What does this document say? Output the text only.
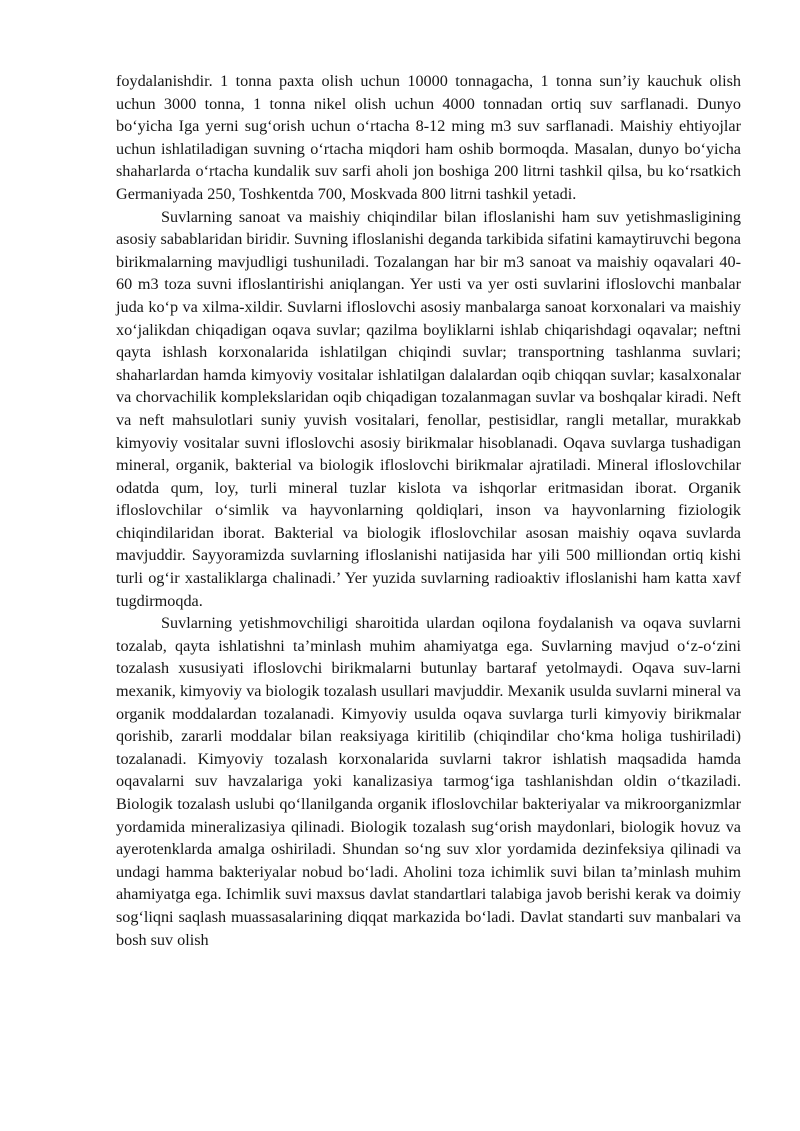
foydalanishdir. 1 tonna paxta olish uchun 10000 tonnagacha, 1 tonna sun’iy kauchuk olish uchun 3000 tonna, 1 tonna nikel olish uchun 4000 tonnadan ortiq suv sarflanadi. Dunyo bo‘yicha Iga yerni sug‘orish uchun o‘rtacha 8-12 ming m3 suv sarflanadi. Maishiy ehtiyojlar uchun ishlatiladigan suvning o‘rtacha miqdori ham oshib bormoqda. Masalan, dunyo bo‘yicha shaharlarda o‘rtacha kundalik suv sarfi aholi jon boshiga 200 litrni tashkil qilsa, bu ko‘rsatkich Germaniyada 250, Toshkentda 700, Moskvada 800 litrni tashkil yetadi.

Suvlarning sanoat va maishiy chiqindilar bilan ifloslanishi ham suv yetishmasligining asosiy sabablaridan biridir. Suvning ifloslanishi deganda tarkibida sifatini kamaytiruvchi begona birikmalarning mavjudligi tushuniladi. Tozalangan har bir m3 sanoat va maishiy oqavalari 40-60 m3 toza suvni ifloslantirishi aniqlangan. Yer usti va yer osti suvlarini ifloslovchi manbalar juda ko‘p va xilma-xildir. Suvlarni ifloslovchi asosiy manbalarga sanoat korxonalari va maishiy xo‘jalikdan chiqadigan oqava suvlar; qazilma boyliklarni ishlab chiqarishdagi oqavalar; neftni qayta ishlash korxonalarida ishlatilgan chiqindi suvlar; transportning tashlanma suvlari; shaharlardan hamda kimyoviy vositalar ishlatilgan dalalardan oqib chiqqan suvlar; kasalxonalar va chorvachilik komplekslaridan oqib chiqadigan tozalanmagan suvlar va boshqalar kiradi. Neft va neft mahsulotlari suniy yuvish vositalari, fenollar, pestisidlar, rangli metallar, murakkab kimyoviy vositalar suvni ifloslovchi asosiy birikmalar hisoblanadi. Oqava suvlarga tushadigan mineral, organik, bakterial va biologik ifloslovchi birikmalar ajratiladi. Mineral ifloslovchilar odatda qum, loy, turli mineral tuzlar kislota va ishqorlar eritmasidan iborat. Organik ifloslovchilar o‘simlik va hayvonlarning qoldiqlari, inson va hayvonlarning fiziologik chiqindilaridan iborat. Bakterial va biologik ifloslovchilar asosan maishiy oqava suvlarda mavjuddir. Sayyoramizda suvlarning ifloslanishi natijasida har yili 500 milliondan ortiq kishi turli og‘ir xastaliklarga chalinadi.’ Yer yuzida suvlarning radioaktiv ifloslanishi ham katta xavf tugdirmoqda.

Suvlarning yetishmovchiligi sharoitida ulardan oqilona foydalanish va oqava suvlarni tozalab, qayta ishlatishni ta’minlash muhim ahamiyatga ega. Suvlarning mavjud o‘z-o‘zini tozalash xususiyati ifloslovchi birikmalarni butunlay bartaraf yetolmaydi. Oqava suv-larni mexanik, kimyoviy va biologik tozalash usullari mavjuddir. Mexanik usulda suvlarni mineral va organik moddalardan tozalanadi. Kimyoviy usulda oqava suvlarga turli kimyoviy birikmalar qorishib, zararli moddalar bilan reaksiyaga kiritilib (chiqindilar cho‘kma holiga tushiriladi) tozalanadi. Kimyoviy tozalash korxonalarida suvlarni takror ishlatish maqsadida hamda oqavalarni suv havzalariga yoki kanalizasiya tarmog‘iga tashlanishdan oldin o‘tkaziladi. Biologik tozalash uslubi qo‘llanilganda organik ifloslovchilar bakteriyalar va mikroorganizmlar yordamida mineralizasiya qilinadi. Biologik tozalash sug‘orish maydonlari, biologik hovuz va ayerotenklarda amalga oshiriladi. Shundan so‘ng suv xlor yordamida dezinfeksiya qilinadi va undagi hamma bakteriyalar nobud bo‘ladi. Aholini toza ichimlik suvi bilan ta’minlash muhim ahamiyatga ega. Ichimlik suvi maxsus davlat standartlari talabiga javob berishi kerak va doimiy sog‘liqni saqlash muassasalarining diqqat markazida bo‘ladi. Davlat standarti suv manbalari va bosh suv olish
